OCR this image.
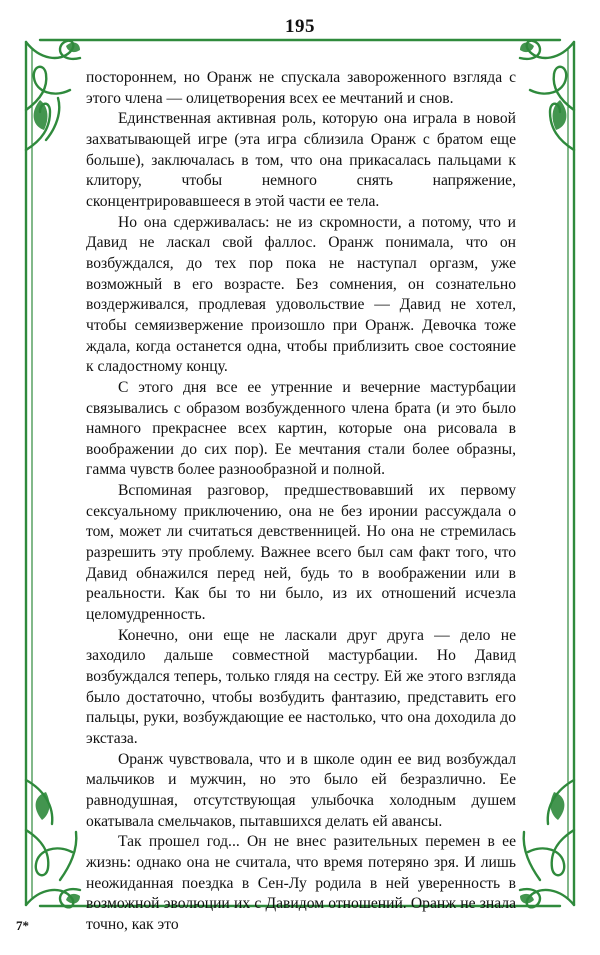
195

постороннем, но Оранж не спускала завороженного взгляда с этого члена — олицетворения всех ее мечтаний и снов.

Единственная активная роль, которую она играла в новой захватывающей игре (эта игра сблизила Оранж с братом еще больше), заключалась в том, что она прикасалась пальцами к клитору, чтобы немного снять напряжение, сконцентрировавшееся в этой части ее тела.

Но она сдерживалась: не из скромности, а потому, что и Давид не ласкал свой фаллос. Оранж понимала, что он возбуждался, до тех пор пока не наступал оргазм, уже возможный в его возрасте. Без сомнения, он сознательно воздерживался, продлевая удовольствие — Давид не хотел, чтобы семяизвержение произошло при Оранж. Девочка тоже ждала, когда останется одна, чтобы приблизить свое состояние к сладостному концу.

С этого дня все ее утренние и вечерние мастурбации связывались с образом возбужденного члена брата (и это было намного прекраснее всех картин, которые она рисовала в воображении до сих пор). Ее мечтания стали более образны, гамма чувств более разнообразной и полной.

Вспоминая разговор, предшествовавший их первому сексуальному приключению, она не без иронии рассуждала о том, может ли считаться девственницей. Но она не стремилась разрешить эту проблему. Важнее всего был сам факт того, что Давид обнажился перед ней, будь то в воображении или в реальности. Как бы то ни было, из их отношений исчезла целомудренность.

Конечно, они еще не ласкали друг друга — дело не заходило дальше совместной мастурбации. Но Давид возбуждался теперь, только глядя на сестру. Ей же этого взгляда было достаточно, чтобы возбудить фантазию, представить его пальцы, руки, возбуждающие ее настолько, что она доходила до экстаза.

Оранж чувствовала, что и в школе один ее вид возбуждал мальчиков и мужчин, но это было ей безразлично. Ее равнодушная, отсутствующая улыбочка холодным душем окатывала смельчаков, пытавшихся делать ей авансы.

Так прошел год... Он не внес разительных перемен в ее жизнь: однако она не считала, что время потеряно зря. И лишь неожиданная поездка в Сен-Лу родила в ней уверенность в возможной эволюции их с Давидом отношений. Оранж не знала точно, как это

7*
